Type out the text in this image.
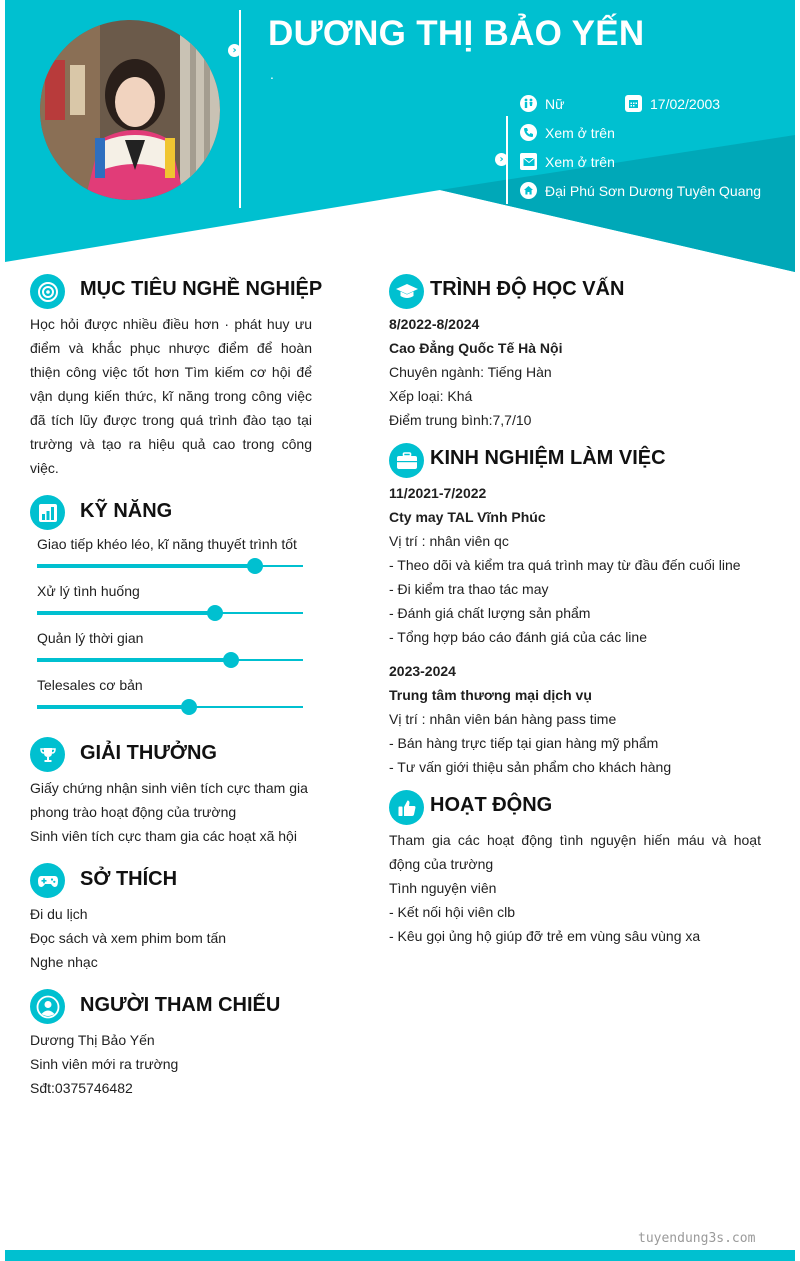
› DƯƠNG THỊ BẢO YẾN
.
›
Nữ	17/02/2003
Xem ở trên
Xem ở trên
Đại Phú Sơn Dương Tuyên Quang
MỤC TIÊU NGHỀ NGHIỆP
Học hỏi được nhiều điều hơn · phát huy ưu điểm và khắc phục nhược điểm để hoàn thiện công việc tốt hơn Tìm kiếm cơ hội để vận dụng kiến thức, kĩ năng trong công việc đã tích lũy được trong quá trình đào tạo tại trường và tạo ra hiệu quả cao trong công việc.
KỸ NĂNG
Giao tiếp khéo léo, kĩ năng thuyết trình tốt
Xử lý tình huống
Quản lý thời gian
Telesales cơ bản
GIẢI THƯỞNG
Giấy chứng nhận sinh viên tích cực tham gia phong trào hoạt động của trường
Sinh viên tích cực tham gia các hoạt xã hội
SỞ THÍCH
Đi du lịch
Đọc sách và xem phim bom tấn
Nghe nhạc
NGƯỜI THAM CHIẾU
Dương Thị Bảo Yến
Sinh viên mới ra trường
Sđt:0375746482
TRÌNH ĐỘ HỌC VẤN
8/2022-8/2024
Cao Đẳng Quốc Tế Hà Nội
Chuyên ngành: Tiếng Hàn
Xếp loại: Khá
Điểm trung bình:7,7/10
KINH NGHIỆM LÀM VIỆC
11/2021-7/2022
Cty may TAL Vĩnh Phúc
Vị trí : nhân viên qc
- Theo dõi và kiểm tra quá trình may từ đầu đến cuối line
- Đi kiểm tra thao tác may
- Đánh giá chất lượng sản phẩm
- Tổng hợp báo cáo đánh giá của các line
2023-2024
Trung tâm thương mại dịch vụ
Vị trí : nhân viên bán hàng pass time
- Bán hàng trực tiếp tại gian hàng mỹ phẩm
- Tư vấn giới thiệu sản phẩm cho khách hàng
HOẠT ĐỘNG
Tham gia các hoạt động tình nguyện hiến máu và hoạt động của trường
Tình nguyện viên
- Kết nối hội viên clb
- Kêu gọi ủng hộ giúp đỡ trẻ em vùng sâu vùng xa
tuyendung3s.com
